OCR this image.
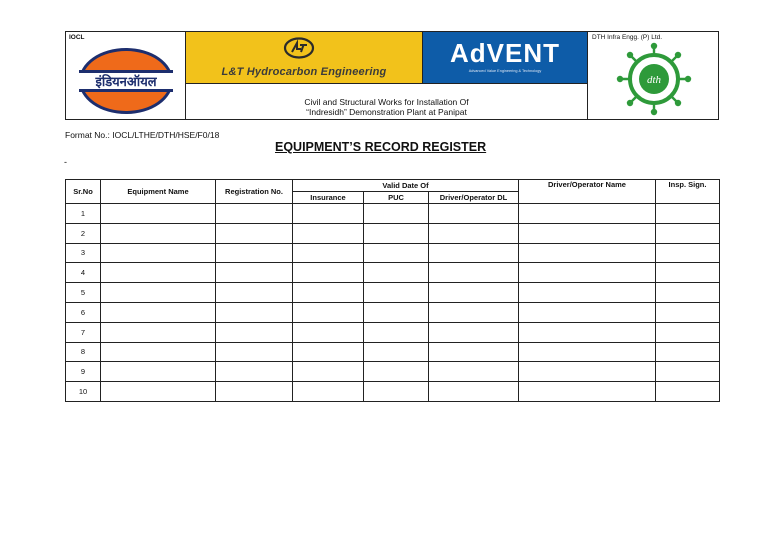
IOCL
इंडियनऑयल
L&T Hydrocarbon Engineering
AdVENT
Advanced Value Engineering & Technology
Civil and Structural Works for Installation Of
“Indresidh” Demonstration Plant at Panipat
DTH Infra Engg. (P) Ltd.
dth
Format No.: IOCL/LTHE/DTH/HSE/F0/18
EQUIPMENT’S RECORD REGISTER
-
Sr.No	Equipment Name	Registration No.	Valid Date Of			Driver/Operator Name	Insp. Sign.
			Insurance	PUC	Driver/Operator DL		
1							
2							
3							
4							
5							
6							
7							
8							
9							
10							
